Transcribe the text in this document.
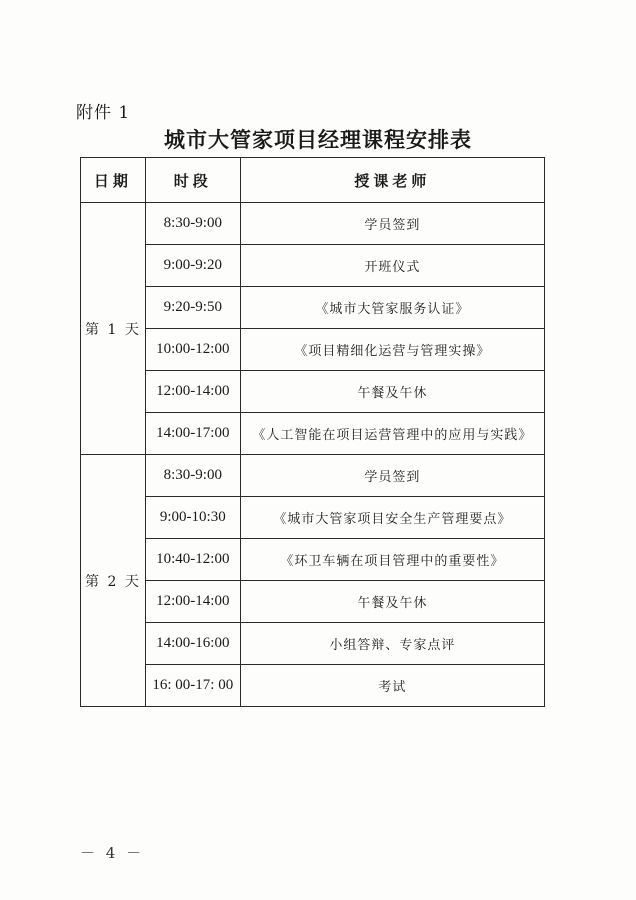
附件 1
城市大管家项目经理课程安排表
日期	时段	授课老师
第 1 天	8:30-9:00	学员签到
	9:00-9:20	开班仪式
	9:20-9:50	《城市大管家服务认证》
	10:00-12:00	《项目精细化运营与管理实操》
	12:00-14:00	午餐及午休
	14:00-17:00	《人工智能在项目运营管理中的应用与实践》
第 2 天	8:30-9:00	学员签到
	9:00-10:30	《城市大管家项目安全生产管理要点》
	10:40-12:00	《环卫车辆在项目管理中的重要性》
	12:00-14:00	午餐及午休
	14:00-16:00	小组答辩、专家点评
	16: 00-17: 00	考试
－ 4 －
